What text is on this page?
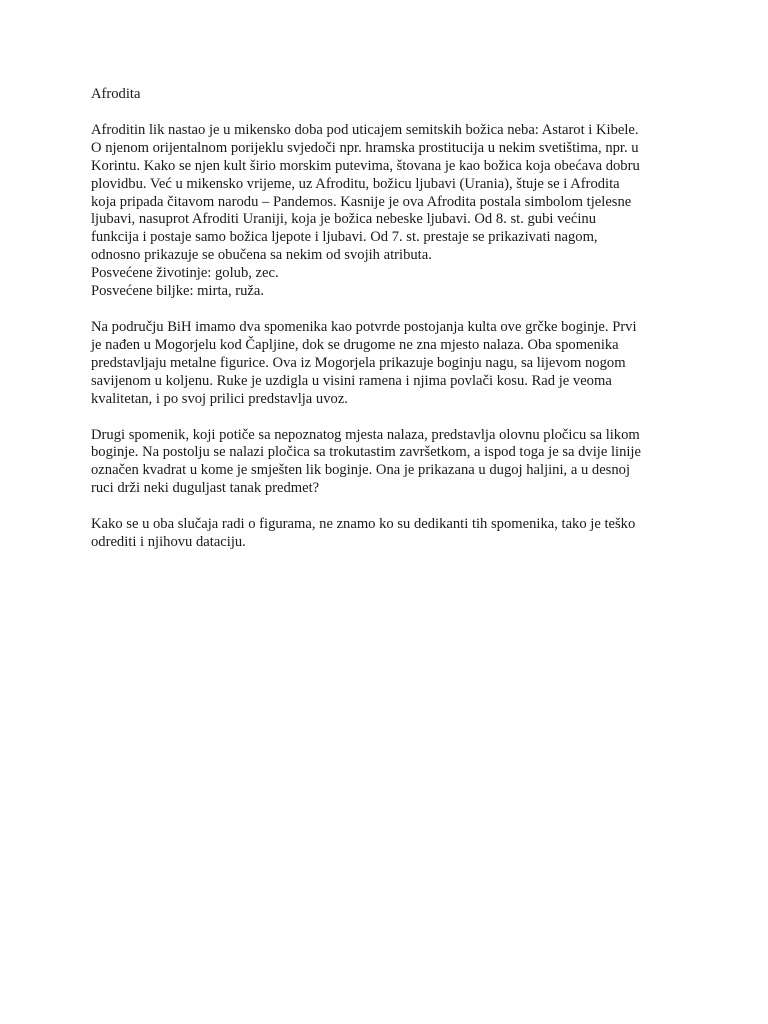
Afrodita
Afroditin lik nastao je u mikensko doba pod uticajem semitskih božica neba: Astarot i Kibele.
O njenom orijentalnom porijeklu svjedoči npr. hramska prostitucija u nekim svetištima, npr. u
Korintu. Kako se njen kult širio morskim putevima, štovana je kao božica koja obećava dobru
plovidbu. Već u mikensko vrijeme, uz Afroditu, božicu ljubavi (Urania), štuje se i Afrodita
koja pripada čitavom narodu – Pandemos. Kasnije je ova Afrodita postala simbolom tjelesne
ljubavi, nasuprot Afroditi Uraniji, koja je božica nebeske ljubavi. Od 8. st. gubi većinu
funkcija i postaje samo božica ljepote i ljubavi. Od 7. st. prestaje se prikazivati nagom,
odnosno prikazuje se obučena sa nekim od svojih atributa.
Posvećene životinje: golub, zec.
Posvećene biljke: mirta, ruža.
Na području BiH imamo dva spomenika kao potvrde postojanja kulta ove grčke boginje. Prvi
je nađen u Mogorjelu kod Čapljine, dok se drugome ne zna mjesto nalaza. Oba spomenika
predstavljaju metalne figurice. Ova iz Mogorjela prikazuje boginju nagu, sa lijevom nogom
savijenom u koljenu. Ruke je uzdigla u visini ramena i njima povlači kosu. Rad je veoma
kvalitetan, i po svoj prilici predstavlja uvoz.
Drugi spomenik, koji potiče sa nepoznatog mjesta nalaza, predstavlja olovnu pločicu sa likom
boginje. Na postolju se nalazi pločica sa trokutastim završetkom, a ispod toga je sa dvije linije
označen kvadrat u kome je smješten lik boginje. Ona je prikazana u dugoj haljini, a u desnoj
ruci drži neki duguljast tanak predmet?
Kako se u oba slučaja radi o figurama, ne znamo ko su dedikanti tih spomenika, tako je teško
odrediti i njihovu dataciju.
